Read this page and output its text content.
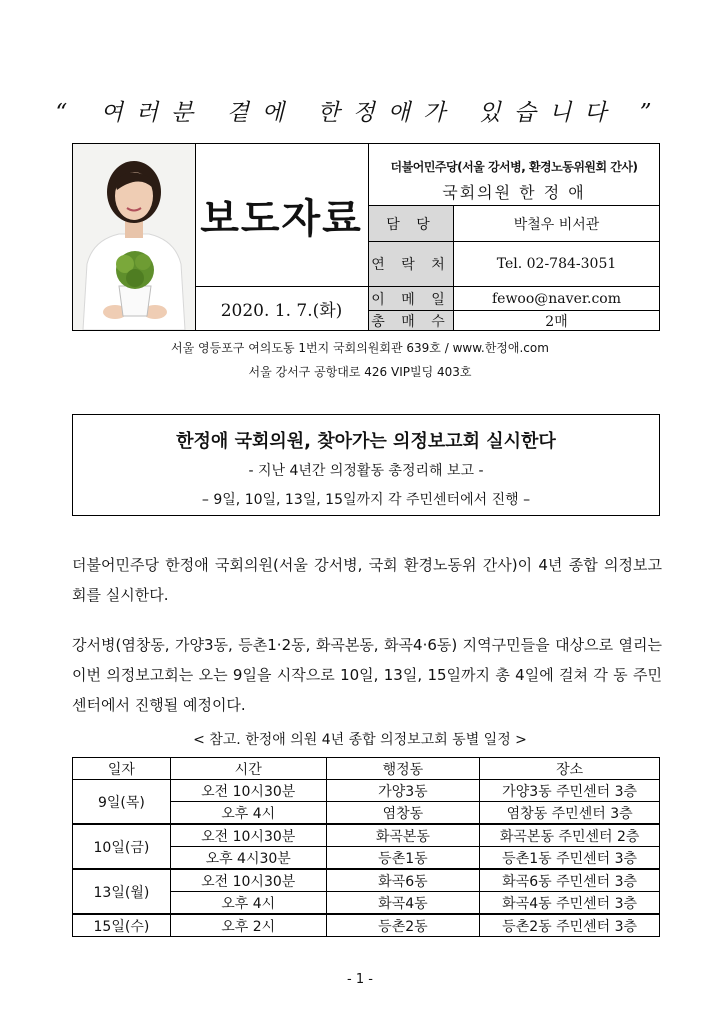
“ 여러분 곁에 한정애가 있습니다 ”
보도자료
2020. 1. 7.(화)
더불어민주당(서울 강서병, 환경노동위원회 간사)
국회의원 한 정 애
담 당	박철우 비서관
연 락 처	Tel. 02-784-3051
이 메 일	fewoo@naver.com
총 매 수	2매
서울 영등포구 여의도동 1번지 국회의원회관 639호 / www.한정애.com
서울 강서구 공항대로 426 VIP빌딩 403호
한정애 국회의원, 찾아가는 의정보고회 실시한다
- 지난 4년간 의정활동 총정리해 보고 -
– 9일, 10일, 13일, 15일까지 각 주민센터에서 진행 –
더불어민주당 한정애 국회의원(서울 강서병, 국회 환경노동위 간사)이 4년 종합 의정보고회를 실시한다.
강서병(염창동, 가양3동, 등촌1·2동, 화곡본동, 화곡4·6동) 지역구민들을 대상으로 열리는 이번 의정보고회는 오는 9일을 시작으로 10일, 13일, 15일까지 총 4일에 걸쳐 각 동 주민센터에서 진행될 예정이다.
< 참고. 한정애 의원 4년 종합 의정보고회 동별 일정 >
일자	시간	행정동	장소
9일(목)	오전 10시30분	가양3동	가양3동 주민센터 3층
	오후 4시	염창동	염창동 주민센터 3층
10일(금)	오전 10시30분	화곡본동	화곡본동 주민센터 2층
	오후 4시30분	등촌1동	등촌1동 주민센터 3층
13일(월)	오전 10시30분	화곡6동	화곡6동 주민센터 3층
	오후 4시	화곡4동	화곡4동 주민센터 3층
15일(수)	오후 2시	등촌2동	등촌2동 주민센터 3층
- 1 -
